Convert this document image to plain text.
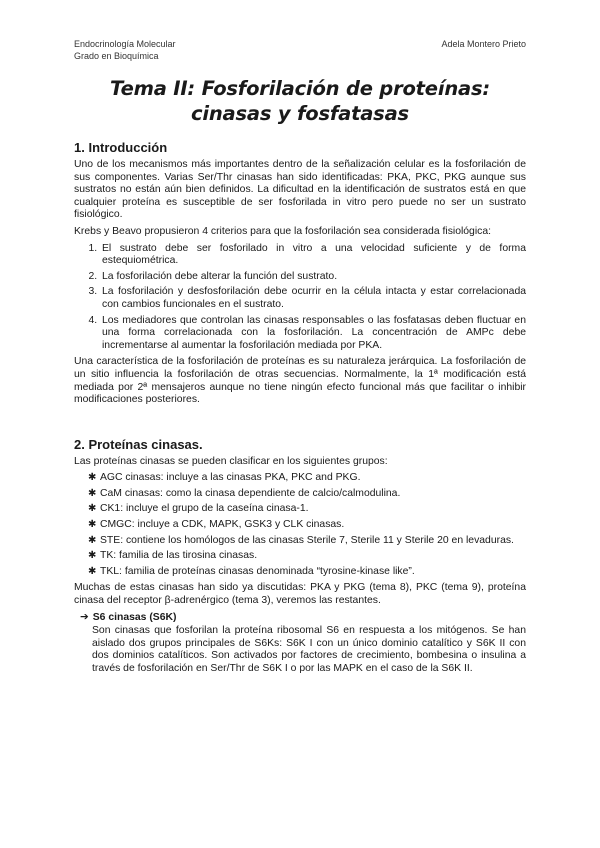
Endocrinología Molecular
Grado en Bioquímica
Adela Montero Prieto
Tema II: Fosforilación de proteínas:
cinasas y fosfatasas
1. Introducción

Uno de los mecanismos más importantes dentro de la señalización celular es la fosforilación de sus componentes. Varias Ser/Thr cinasas han sido identificadas: PKA, PKC, PKG aunque sus sustratos no están aún bien definidos. La dificultad en la identificación de sustratos está en que cualquier proteína es susceptible de ser fosforilada in vitro pero puede no ser un sustrato fisiológico.

Krebs y Beavo propusieron 4 criterios para que la fosforilación sea considerada fisiológica:

1. El sustrato debe ser fosforilado in vitro a una velocidad suficiente y de forma estequiométrica.
2. La fosforilación debe alterar la función del sustrato.
3. La fosforilación y desfosforilación debe ocurrir en la célula intacta y estar correlacionada con cambios funcionales en el sustrato.
4. Los mediadores que controlan las cinasas responsables o las fosfatasas deben fluctuar en una forma correlacionada con la fosforilación. La concentración de AMPc debe incrementarse al aumentar la fosforilación mediada por PKA.

Una característica de la fosforilación de proteínas es su naturaleza jerárquica. La fosforilación de un sitio influencia la fosforilación de otras secuencias. Normalmente, la 1ª modificación está mediada por 2ª mensajeros aunque no tiene ningún efecto funcional más que facilitar o inhibir modificaciones posteriores.

2. Proteínas cinasas.

Las proteínas cinasas se pueden clasificar en los siguientes grupos:

✱ AGC cinasas: incluye a las cinasas PKA, PKC and PKG.
✱ CaM cinasas: como la cinasa dependiente de calcio/calmodulina.
✱ CK1: incluye el grupo de la caseína cinasa-1.
✱ CMGC: incluye a CDK, MAPK, GSK3 y CLK cinasas.
✱ STE: contiene los homólogos de las cinasas Sterile 7, Sterile 11 y Sterile 20 en levaduras.
✱ TK: familia de las tirosina cinasas.
✱ TKL: familia de proteínas cinasas denominada “tyrosine-kinase like”.

Muchas de estas cinasas han sido ya discutidas: PKA y PKG (tema 8), PKC (tema 9), proteína cinasa del receptor β-adrenérgico (tema 3), veremos las restantes.

➔ S6 cinasas (S6K)

Son cinasas que fosforilan la proteína ribosomal S6 en respuesta a los mitógenos. Se han aislado dos grupos principales de S6Ks: S6K I con un único dominio catalítico y S6K II con dos dominios catalíticos. Son activados por factores de crecimiento, bombesina o insulina a través de fosforilación en Ser/Thr de S6K I o por las MAPK en el caso de la S6K II.
